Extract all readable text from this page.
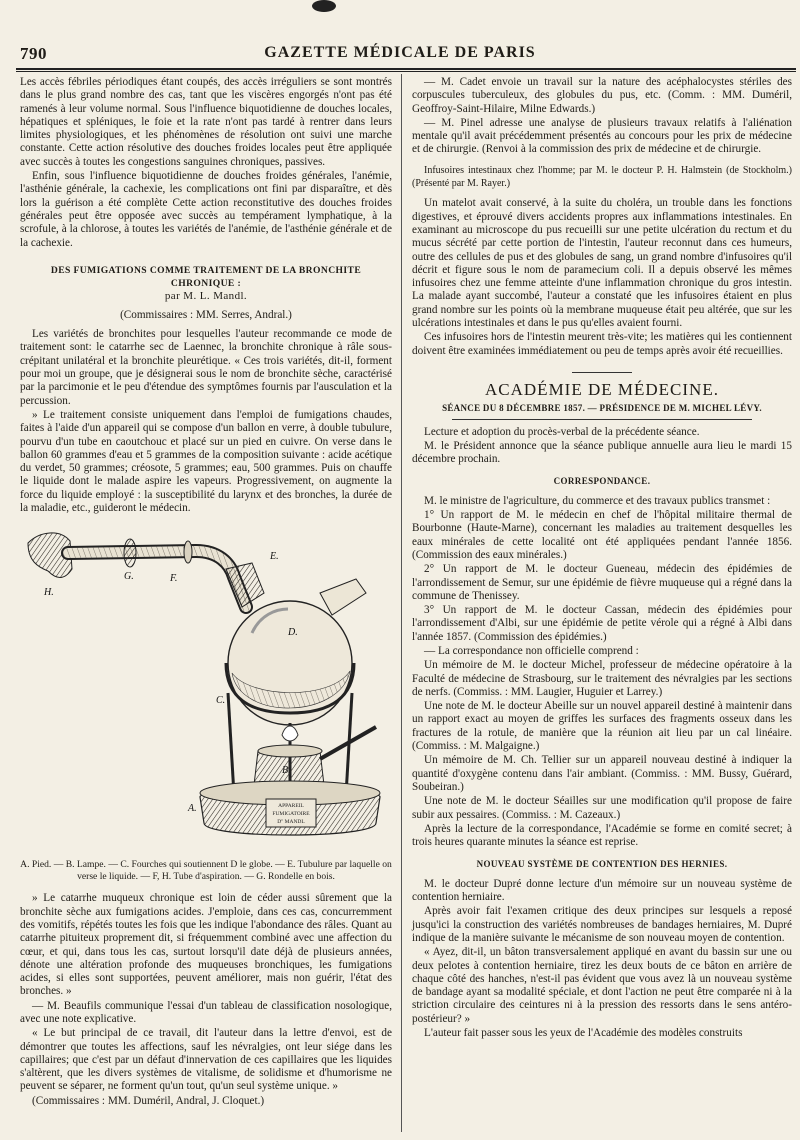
790	GAZETTE MÉDICALE DE PARIS

Les accès fébriles périodiques étant coupés, des accès irréguliers se sont montrés dans le plus grand nombre des cas, tant que les viscères engorgés n'ont pas été ramenés à leur volume normal. Sous l'influence biquotidienne de douches locales, hépatiques et spléniques, le foie et la rate n'ont pas tardé à rentrer dans leurs limites physiologiques, et les phénomènes de résolution ont suivi une marche constante. Cette action résolutive des douches froides locales peut être appliquée avec succès à toutes les congestions sanguines chroniques, passives.

Enfin, sous l'influence biquotidienne de douches froides générales, l'anémie, l'asthénie générale, la cachexie, les complications ont fini par disparaître, et dès lors la guérison a été complète Cette action reconstitutive des douches froides générales peut être opposée avec succès au tempérament lymphatique, à la scrofule, à la chlorose, à toutes les variétés de l'anémie, de l'asthénie générale et de la cachexie.

DES FUMIGATIONS COMME TRAITEMENT DE LA BRONCHITE CHRONIQUE :
par M. L. Mandl.
(Commissaires : MM. Serres, Andral.)

Les variétés de bronchites pour lesquelles l'auteur recommande ce mode de traitement sont: le catarrhe sec de Laennec, la bronchite chronique à râle sous-crépitant unilatéral et la bronchite pleurétique. « Ces trois variétés, dit-il, forment pour moi un groupe, que je désignerai sous le nom de bronchite sèche, caractérisé par la parcimonie et le peu d'étendue des symptômes fournis par l'ausculation et la percussion.

» Le traitement consiste uniquement dans l'emploi de fumigations chaudes, faites à l'aide d'un appareil qui se compose d'un ballon en verre, à double tubulure, pourvu d'un tube en caoutchouc et placé sur un pied en cuivre. On verse dans le ballon 60 grammes d'eau et 5 grammes de la composition suivante : acide acétique du verdet, 50 grammes; créosote, 5 grammes; eau, 500 grammes. Puis on chauffe le liquide dont le malade aspire les vapeurs. Progressivement, on augmente la force du liquide employé : la susceptibilité du larynx et des bronches, la durée de la maladie, etc., guideront le médecin.

APPAREIL
FUMIGATOIRE
D'' MANDL
H.
G.	F.
E.
D.
C.
B.
A.
A. Pied. — B. Lampe. — C. Fourches qui soutiennent D le globe. — E. Tubulure par laquelle on verse le liquide. — F, H. Tube d'aspiration. — G. Rondelle en bois.

» Le catarrhe muqueux chronique est loin de céder aussi sûrement que la bronchite sèche aux fumigations acides. J'emploie, dans ces cas, concurremment des vomitifs, répétés toutes les fois que les indique l'abondance des râles. Quant au catarrhe pituiteux proprement dit, si fréquemment combiné avec une affection du cœur, et qui, dans tous les cas, surtout lorsqu'il date déjà de plusieurs années, dénote une altération profonde des muqueuses bronchiques, les fumigations acides, si elles sont supportées, peuvent améliorer, mais non guérir, l'état des bronches. »

— M. Beaufils communique l'essai d'un tableau de classification nosologique, avec une note explicative.

« Le but principal de ce travail, dit l'auteur dans la lettre d'envoi, est de démontrer que toutes les affections, sauf les névralgies, ont leur siége dans les capillaires; que c'est par un défaut d'innervation de ces capillaires que les liquides s'altèrent, que les divers systèmes de vitalisme, de solidisme et d'humorisme ne peuvent se séparer, ne forment qu'un tout, qu'un seul système unique. »

(Commissaires : MM. Duméril, Andral, J. Cloquet.)

— M. Cadet envoie un travail sur la nature des acéphalocystes stériles des corpuscules tuberculeux, des globules du pus, etc. (Comm. : MM. Duméril, Geoffroy-Saint-Hilaire, Milne Edwards.)

— M. Pinel adresse une analyse de plusieurs travaux relatifs à l'aliénation mentale qu'il avait précédemment présentés au concours pour les prix de médecine et de chirurgie. (Renvoi à la commission des prix de médecine et de chirurgie.

Infusoires intestinaux chez l'homme; par M. le docteur P. H. Halmstein (de Stockholm.) (Présenté par M. Rayer.)

Un matelot avait conservé, à la suite du choléra, un trouble dans les fonctions digestives, et éprouvé divers accidents propres aux inflammations intestinales. En examinant au microscope du pus recueilli sur une petite ulcération du rectum et du mucus sécrété par cette portion de l'intestin, l'auteur reconnut dans ces humeurs, outre des cellules de pus et des globules de sang, un grand nombre d'infusoires qu'il décrit et figure sous le nom de paramecium coli. Il a depuis observé les mêmes infusoires chez une femme atteinte d'une inflammation chronique du gros intestin. La malade ayant succombé, l'auteur a constaté que les infusoires étaient en plus grand nombre sur les points où la membrane muqueuse était peu altérée, que sur les ulcérations intestinales et dans le pus qu'elles avaient fourni.

Ces infusoires hors de l'intestin meurent très-vite; les matières qui les contiennent doivent être examinées immédiatement ou peu de temps après avoir été recueillies.

ACADÉMIE DE MÉDECINE.
SÉANCE DU 8 DÉCEMBRE 1857. — PRÉSIDENCE DE M. MICHEL LÉVY.

Lecture et adoption du procès-verbal de la précédente séance.

M. le Président annonce que la séance publique annuelle aura lieu le mardi 15 décembre prochain.

CORRESPONDANCE.

M. le ministre de l'agriculture, du commerce et des travaux publics transmet :

1° Un rapport de M. le médecin en chef de l'hôpital militaire thermal de Bourbonne (Haute-Marne), concernant les maladies au traitement desquelles les eaux minérales de cette localité ont été appliquées pendant l'année 1856. (Commission des eaux minérales.)

2° Un rapport de M. le docteur Gueneau, médecin des épidémies de l'arrondissement de Semur, sur une épidémie de fièvre muqueuse qui a régné dans la commune de Thenissey.

3° Un rapport de M. le docteur Cassan, médecin des épidémies pour l'arrondissement d'Albi, sur une épidémie de petite vérole qui a régné à Albi dans l'année 1857. (Commission des épidémies.)

— La correspondance non officielle comprend :

Un mémoire de M. le docteur Michel, professeur de médecine opératoire à la Faculté de médecine de Strasbourg, sur le traitement des névralgies par les sections de nerfs. (Commiss. : MM. Laugier, Huguier et Larrey.)

Une note de M. le docteur Abeille sur un nouvel appareil destiné à maintenir dans un rapport exact au moyen de griffes les surfaces des fragments osseux dans les fractures de la rotule, de manière que la réunion ait lieu par un cal linéaire. (Commiss. : M. Malgaigne.)

Un mémoire de M. Ch. Tellier sur un appareil nouveau destiné à indiquer la quantité d'oxygène contenu dans l'air ambiant. (Commiss. : MM. Bussy, Guérard, Soubeiran.)

Une note de M. le docteur Séailles sur une modification qu'il propose de faire subir aux pessaires. (Commiss. : M. Cazeaux.)

Après la lecture de la correspondance, l'Académie se forme en comité secret; à trois heures quarante minutes la séance est reprise.

NOUVEAU SYSTÈME DE CONTENTION DES HERNIES.

M. le docteur Dupré donne lecture d'un mémoire sur un nouveau système de contention herniaire.

Après avoir fait l'examen critique des deux principes sur lesquels a reposé jusqu'ici la construction des variétés nombreuses de bandages herniaires, M. Dupré indique de la manière suivante le mécanisme de son nouveau moyen de contention.

« Ayez, dit-il, un bâton transversalement appliqué en avant du bassin sur une ou deux pelotes à contention herniaire, tirez les deux bouts de ce bâton en arrière de chaque côté des hanches, n'est-il pas évident que vous avez là un nouveau système de bandage ayant sa modalité spéciale, et dont l'action ne peut être comparée ni à la striction circulaire des ceintures ni à la pression des ressorts dans le sens antéro-postérieur? »

L'auteur fait passer sous les yeux de l'Académie des modèles construits
